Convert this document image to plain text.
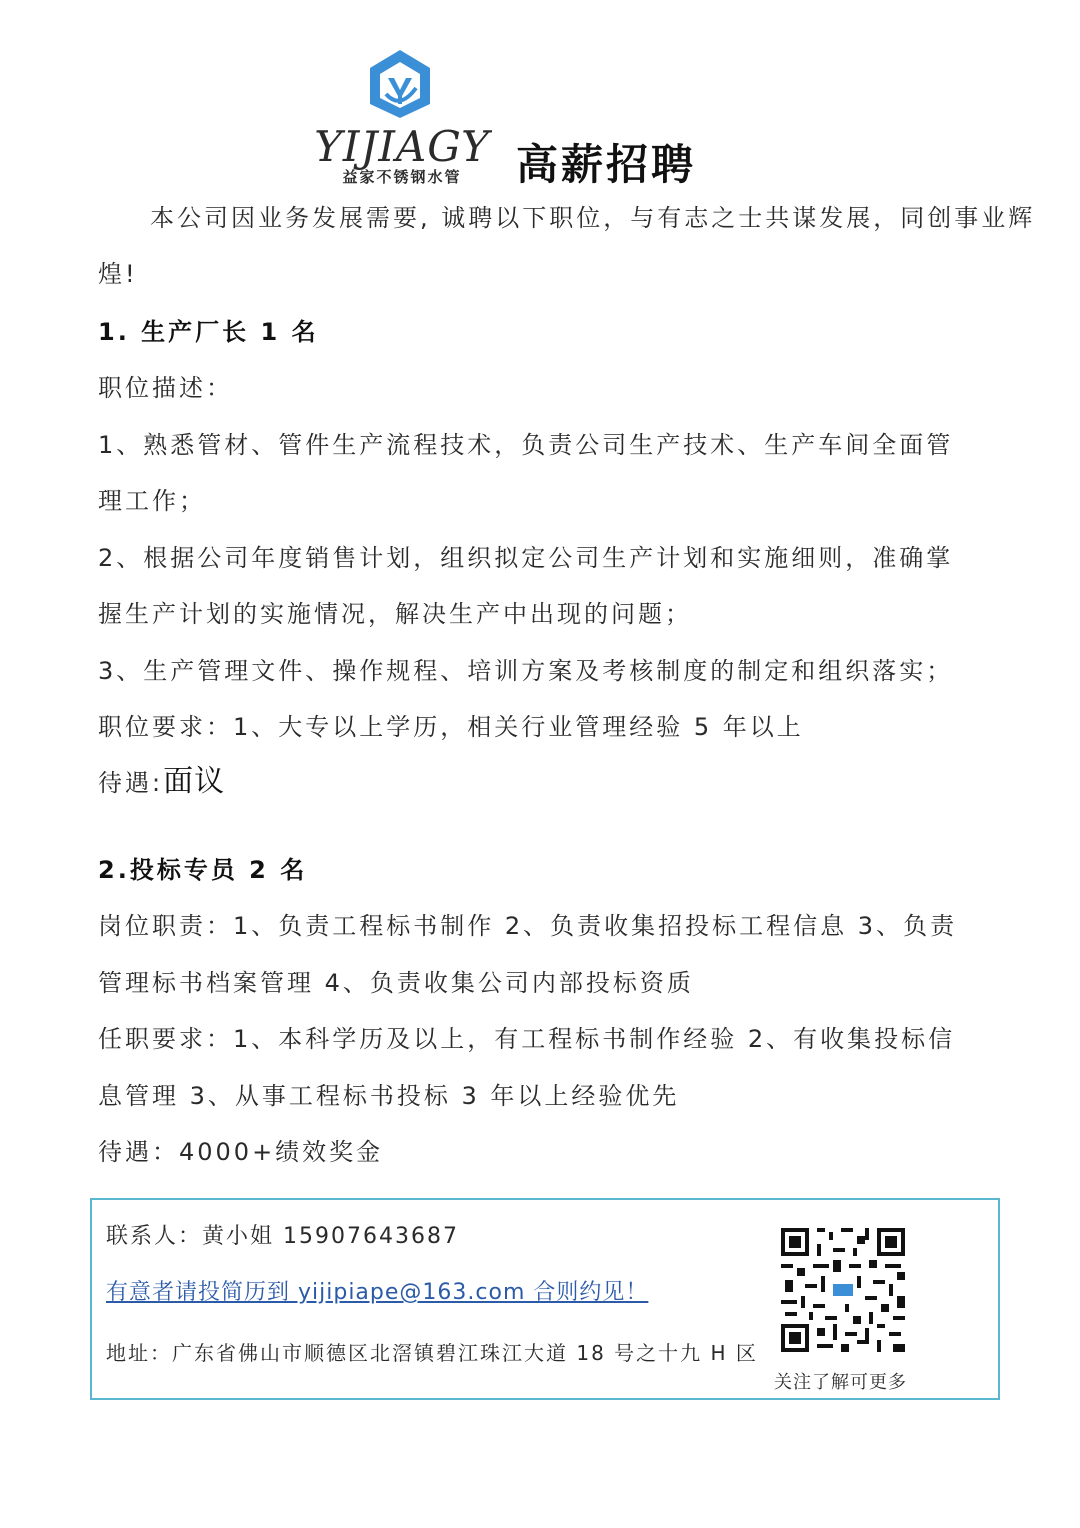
YIJIAGY
益家不锈钢水管	高薪招聘
本公司因业务发展需要, 诚聘以下职位，与有志之士共谋发展，同创事业辉
煌!
1. 生产厂长 1 名
职位描述：
1、熟悉管材、管件生产流程技术，负责公司生产技术、生产车间全面管
理工作；
2、根据公司年度销售计划，组织拟定公司生产计划和实施细则，准确掌
握生产计划的实施情况，解决生产中出现的问题；
3、生产管理文件、操作规程、培训方案及考核制度的制定和组织落实；
职位要求：1、大专以上学历，相关行业管理经验 5 年以上
待遇:面议
2.投标专员 2 名
岗位职责：1、负责工程标书制作 2、负责收集招投标工程信息 3、负责
管理标书档案管理 4、负责收集公司内部投标资质
任职要求：1、本科学历及以上，有工程标书制作经验 2、有收集投标信
息管理 3、从事工程标书投标 3 年以上经验优先
待遇：4000+绩效奖金
联系人：黄小姐 15907643687
有意者请投简历到 yijipiape@163.com 合则约见！
地址：广东省佛山市顺德区北滘镇碧江珠江大道 18 号之十九 H 区
关注了解可更多
